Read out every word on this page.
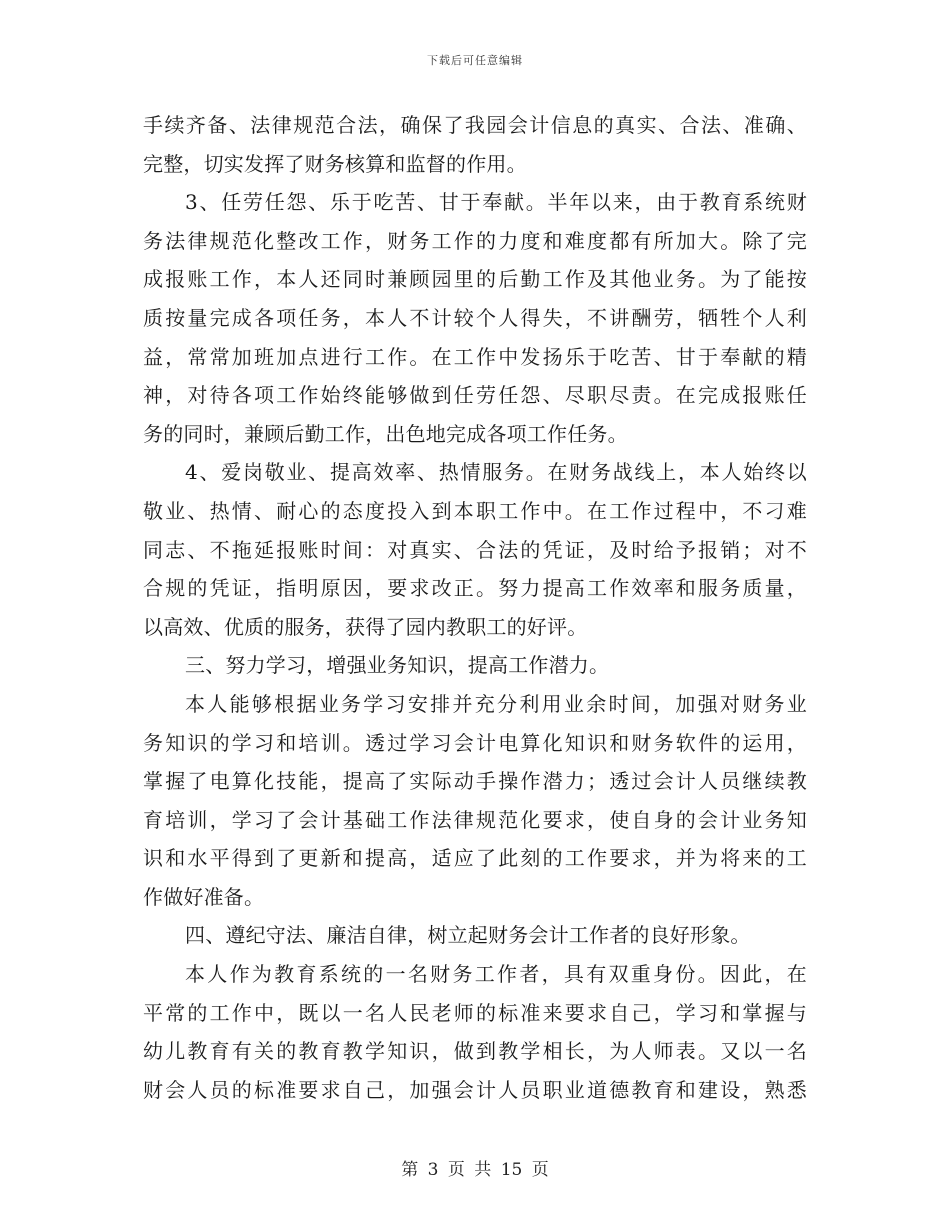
下载后可任意编辑
手续齐备、法律规范合法，确保了我园会计信息的真实、合法、准确、
完整，切实发挥了财务核算和监督的作用。
3、任劳任怨、乐于吃苦、甘于奉献。半年以来，由于教育系统财
务法律规范化整改工作，财务工作的力度和难度都有所加大。除了完
成报账工作，本人还同时兼顾园里的后勤工作及其他业务。为了能按
质按量完成各项任务，本人不计较个人得失，不讲酬劳，牺牲个人利
益，常常加班加点进行工作。在工作中发扬乐于吃苦、甘于奉献的精
神，对待各项工作始终能够做到任劳任怨、尽职尽责。在完成报账任
务的同时，兼顾后勤工作，出色地完成各项工作任务。
4、爱岗敬业、提高效率、热情服务。在财务战线上，本人始终以
敬业、热情、耐心的态度投入到本职工作中。在工作过程中，不刁难
同志、不拖延报账时间：对真实、合法的凭证，及时给予报销；对不
合规的凭证，指明原因，要求改正。努力提高工作效率和服务质量，
以高效、优质的服务，获得了园内教职工的好评。
三、努力学习，增强业务知识，提高工作潜力。
本人能够根据业务学习安排并充分利用业余时间，加强对财务业
务知识的学习和培训。透过学习会计电算化知识和财务软件的运用，
掌握了电算化技能，提高了实际动手操作潜力；透过会计人员继续教
育培训，学习了会计基础工作法律规范化要求，使自身的会计业务知
识和水平得到了更新和提高，适应了此刻的工作要求，并为将来的工
作做好准备。
四、遵纪守法、廉洁自律，树立起财务会计工作者的良好形象。
本人作为教育系统的一名财务工作者，具有双重身份。因此，在
平常的工作中，既以一名人民老师的标准来要求自己，学习和掌握与
幼儿教育有关的教育教学知识，做到教学相长，为人师表。又以一名
财会人员的标准要求自己，加强会计人员职业道德教育和建设，熟悉
第 3 页 共 15 页
